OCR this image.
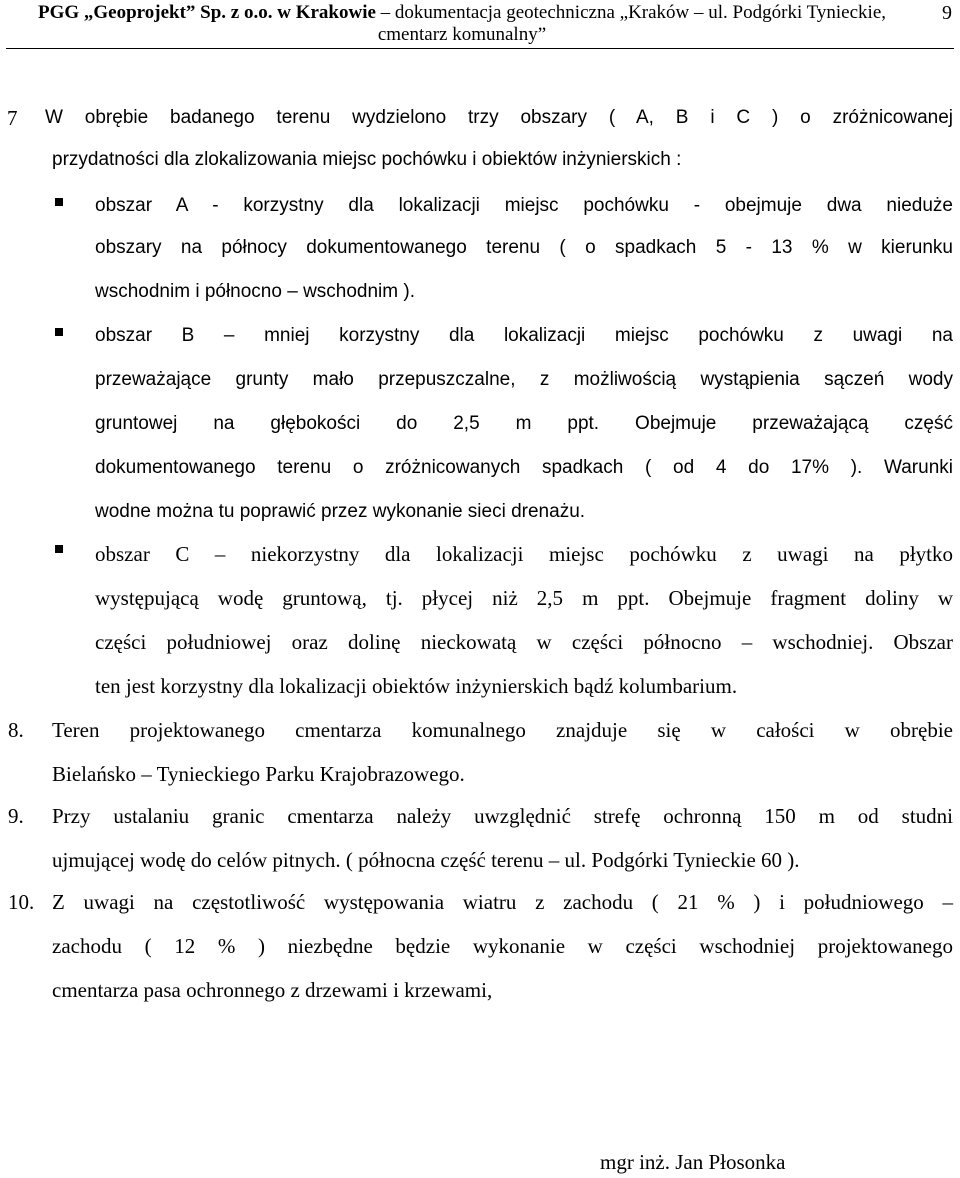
PGG „Geoprojekt” Sp. z o.o. w Krakowie – dokumentacja geotechniczna „Kraków – ul. Podgórki Tynieckie,
cmentarz komunalny”
9
7 W obrębie badanego terenu wydzielono trzy obszary ( A, B i C ) o zróżnicowanej
przydatności dla zlokalizowania miejsc pochówku i obiektów inżynierskich :
obszar A - korzystny dla lokalizacji miejsc pochówku - obejmuje dwa nieduże
obszary na północy dokumentowanego terenu ( o spadkach 5 - 13 % w kierunku
wschodnim i północno – wschodnim ).
obszar B – mniej korzystny dla lokalizacji miejsc pochówku z uwagi na
przeważające grunty mało przepuszczalne, z możliwością wystąpienia sączeń wody
gruntowej na głębokości do 2,5 m ppt. Obejmuje przeważającą część
dokumentowanego terenu o zróżnicowanych spadkach ( od 4 do 17% ). Warunki
wodne można tu poprawić przez wykonanie sieci drenażu.
obszar C – niekorzystny dla lokalizacji miejsc pochówku z uwagi na płytko
występującą wodę gruntową, tj. płycej niż 2,5 m ppt. Obejmuje fragment doliny w
części południowej oraz dolinę nieckowatą w części północno – wschodniej. Obszar
ten jest korzystny dla lokalizacji obiektów inżynierskich bądź kolumbarium.
8. Teren projektowanego cmentarza komunalnego znajduje się w całości w obrębie
Bielańsko – Tynieckiego Parku Krajobrazowego.
9. Przy ustalaniu granic cmentarza należy uwzględnić strefę ochronną 150 m od studni
ujmującej wodę do celów pitnych. ( północna część terenu – ul. Podgórki Tynieckie 60 ).
10. Z uwagi na częstotliwość występowania wiatru z zachodu ( 21 % ) i południowego –
zachodu ( 12 % ) niezbędne będzie wykonanie w części wschodniej projektowanego
cmentarza pasa ochronnego z drzewami i krzewami,
mgr inż. Jan Płosonka
